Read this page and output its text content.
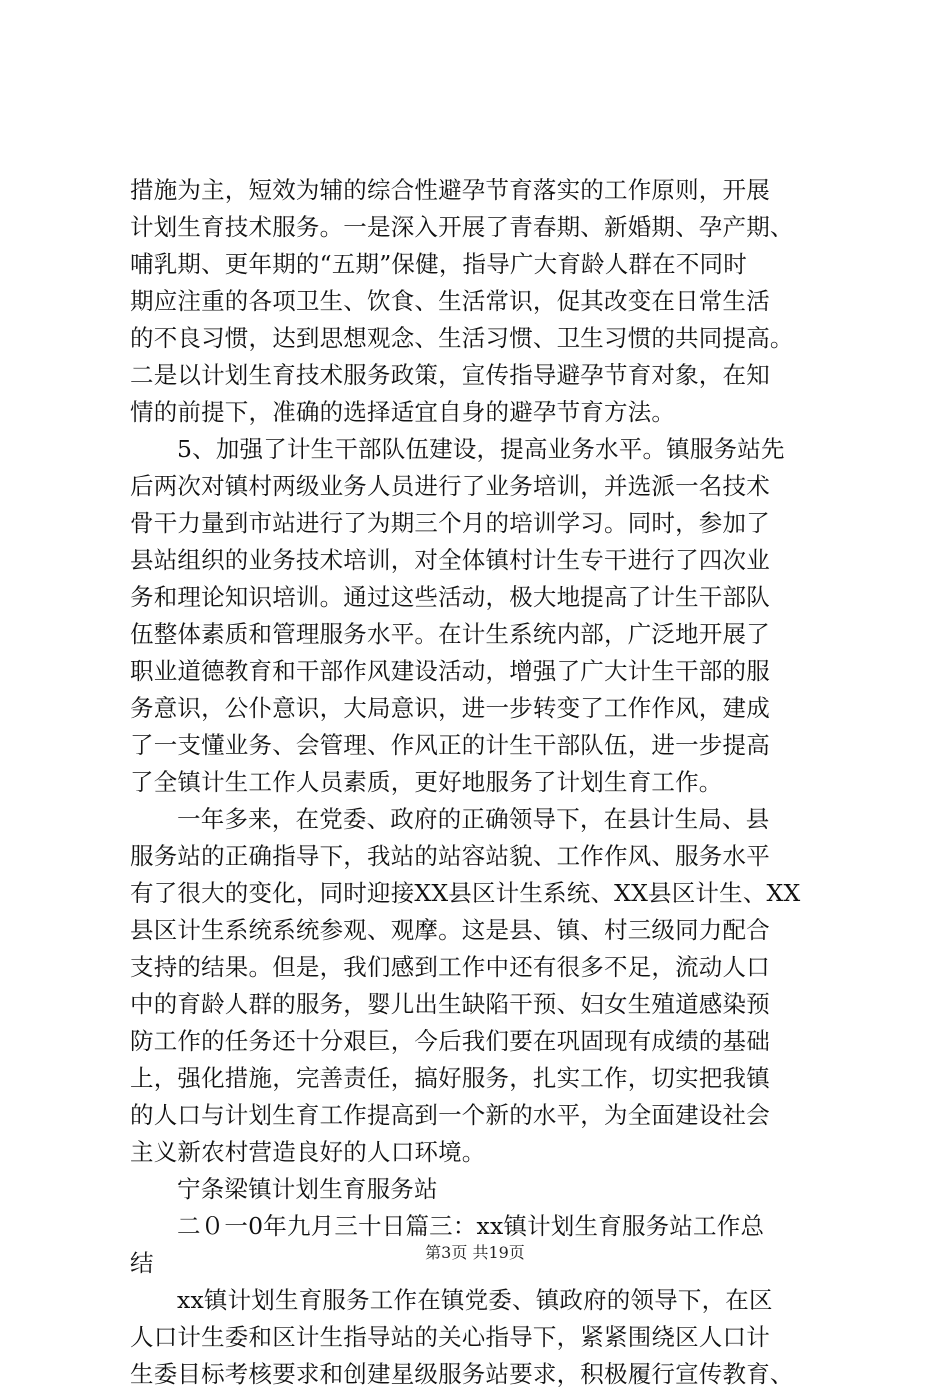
措施为主，短效为辅的综合性避孕节育落实的工作原则，开展
计划生育技术服务。一是深入开展了青春期、新婚期、孕产期、
哺乳期、更年期的“五期”保健，指导广大育龄人群在不同时
期应注重的各项卫生、饮食、生活常识，促其改变在日常生活
的不良习惯，达到思想观念、生活习惯、卫生习惯的共同提高。
二是以计划生育技术服务政策，宣传指导避孕节育对象，在知
情的前提下，准确的选择适宜自身的避孕节育方法。
5、加强了计生干部队伍建设，提高业务水平。镇服务站先
后两次对镇村两级业务人员进行了业务培训，并选派一名技术
骨干力量到市站进行了为期三个月的培训学习。同时，参加了
县站组织的业务技术培训，对全体镇村计生专干进行了四次业
务和理论知识培训。通过这些活动，极大地提高了计生干部队
伍整体素质和管理服务水平。在计生系统内部，广泛地开展了
职业道德教育和干部作风建设活动，增强了广大计生干部的服
务意识，公仆意识，大局意识，进一步转变了工作作风，建成
了一支懂业务、会管理、作风正的计生干部队伍，进一步提高
了全镇计生工作人员素质，更好地服务了计划生育工作。
一年多来，在党委、政府的正确领导下，在县计生局、县
服务站的正确指导下，我站的站容站貌、工作作风、服务水平
有了很大的变化，同时迎接XX县区计生系统、XX县区计生、XX
县区计生系统系统参观、观摩。这是县、镇、村三级同力配合
支持的结果。但是，我们感到工作中还有很多不足，流动人口
中的育龄人群的服务，婴儿出生缺陷干预、妇女生殖道感染预
防工作的任务还十分艰巨，今后我们要在巩固现有成绩的基础
上，强化措施，完善责任，搞好服务，扎实工作，切实把我镇
的人口与计划生育工作提高到一个新的水平，为全面建设社会
主义新农村营造良好的人口环境。
宁条梁镇计划生育服务站
二０一0年九月三十日篇三：xx镇计划生育服务站工作总
结
xx镇计划生育服务工作在镇党委、镇政府的领导下，在区
人口计生委和区计生指导站的关心指导下，紧紧围绕区人口计
生委目标考核要求和创建星级服务站要求，积极履行宣传教育、
第3页 共19页
